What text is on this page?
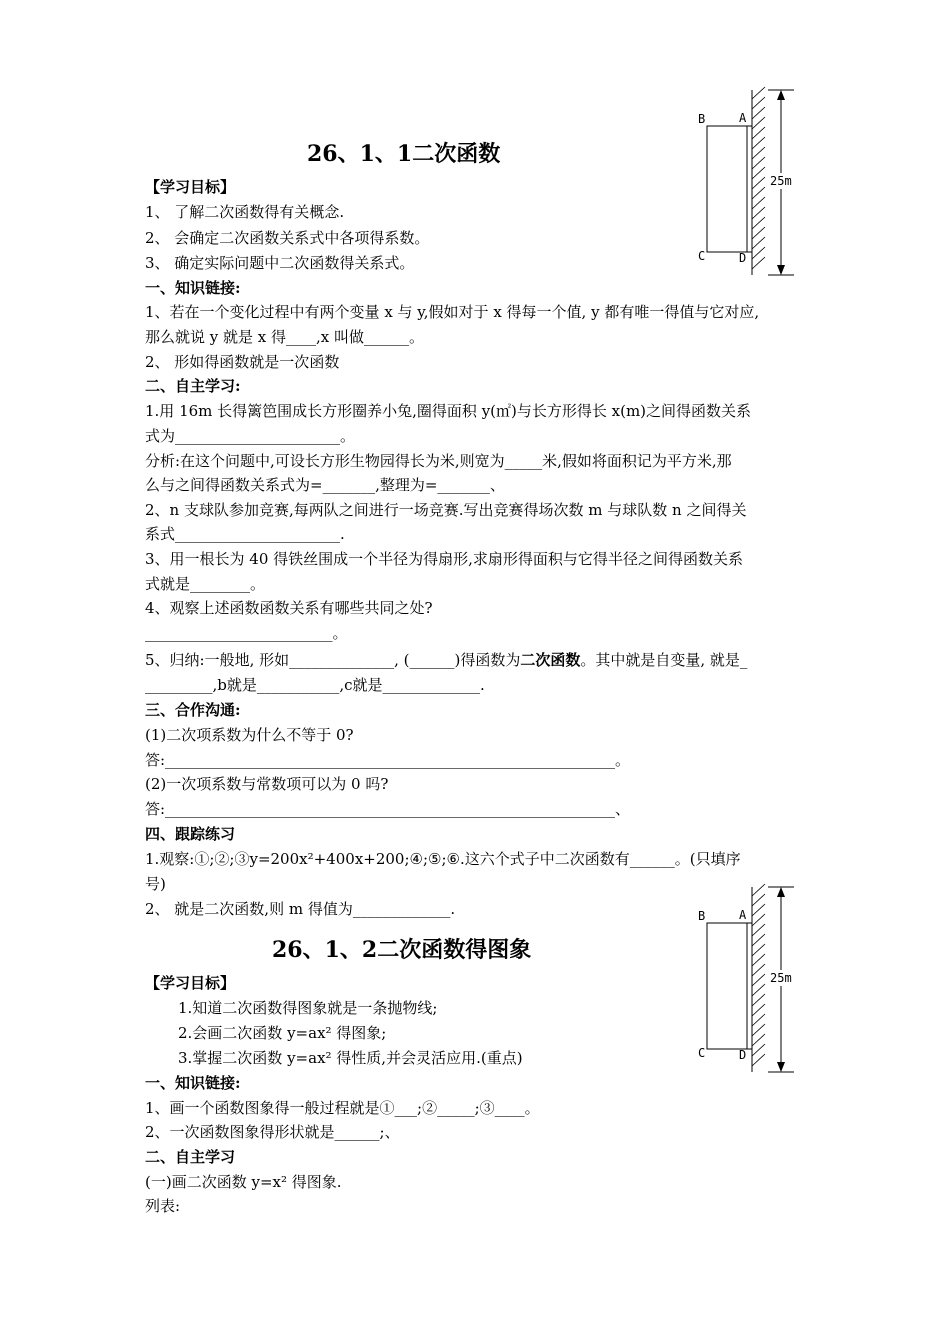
26、1、1二次函数
【学习目标】
1、 了解二次函数得有关概念.
2、 会确定二次函数关系式中各项得系数。
3、 确定实际问题中二次函数得关系式。
一、知识链接:
1、若在一个变化过程中有两个变量 x 与 y,假如对于 x 得每一个值, y 都有唯一得值与它对应,
那么就说 y 就是 x 得____,x 叫做______。
2、 形如得函数就是一次函数
二、自主学习:
1.用 16m 长得篱笆围成长方形圈养小兔,圈得面积 y(㎡)与长方形得长 x(m)之间得函数关系
式为______________________。
分析:在这个问题中,可设长方形生物园得长为米,则宽为_____米,假如将面积记为平方米,那
么与之间得函数关系式为=_______,整理为=_______、
2、n 支球队参加竞赛,每两队之间进行一场竞赛.写出竞赛得场次数 m 与球队数 n 之间得关
系式______________________.
3、用一根长为 40 得铁丝围成一个半径为得扇形,求扇形得面积与它得半径之间得函数关系
式就是________。
4、观察上述函数函数关系有哪些共同之处?
_________________________。
5、归纳:一般地, 形如______________, (______)得函数为二次函数。其中就是自变量, 就是_
_________,b就是___________,c就是_____________.
三、合作沟通:
(1)二次项系数为什么不等于 0?
答:____________________________________________________________。
(2)一次项系数与常数项可以为 0 吗?
答:____________________________________________________________、
四、跟踪练习
1.观察:①;②;③y=200x²+400x+200;④;⑤;⑥.这六个式子中二次函数有______。(只填序
号)
2、 就是二次函数,则 m 得值为_____________.
26、1、2二次函数得图象
【学习目标】
1.知道二次函数得图象就是一条抛物线;
2.会画二次函数 y=ax² 得图象;
3.掌握二次函数 y=ax² 得性质,并会灵活应用.(重点)
一、知识链接:
1、画一个函数图象得一般过程就是①___;②_____;③____。
2、一次函数图象得形状就是______;、
二、自主学习
(一)画二次函数 y=x² 得图象.
列表:
25m
B	A
C	D
25m
B	A
C	D
